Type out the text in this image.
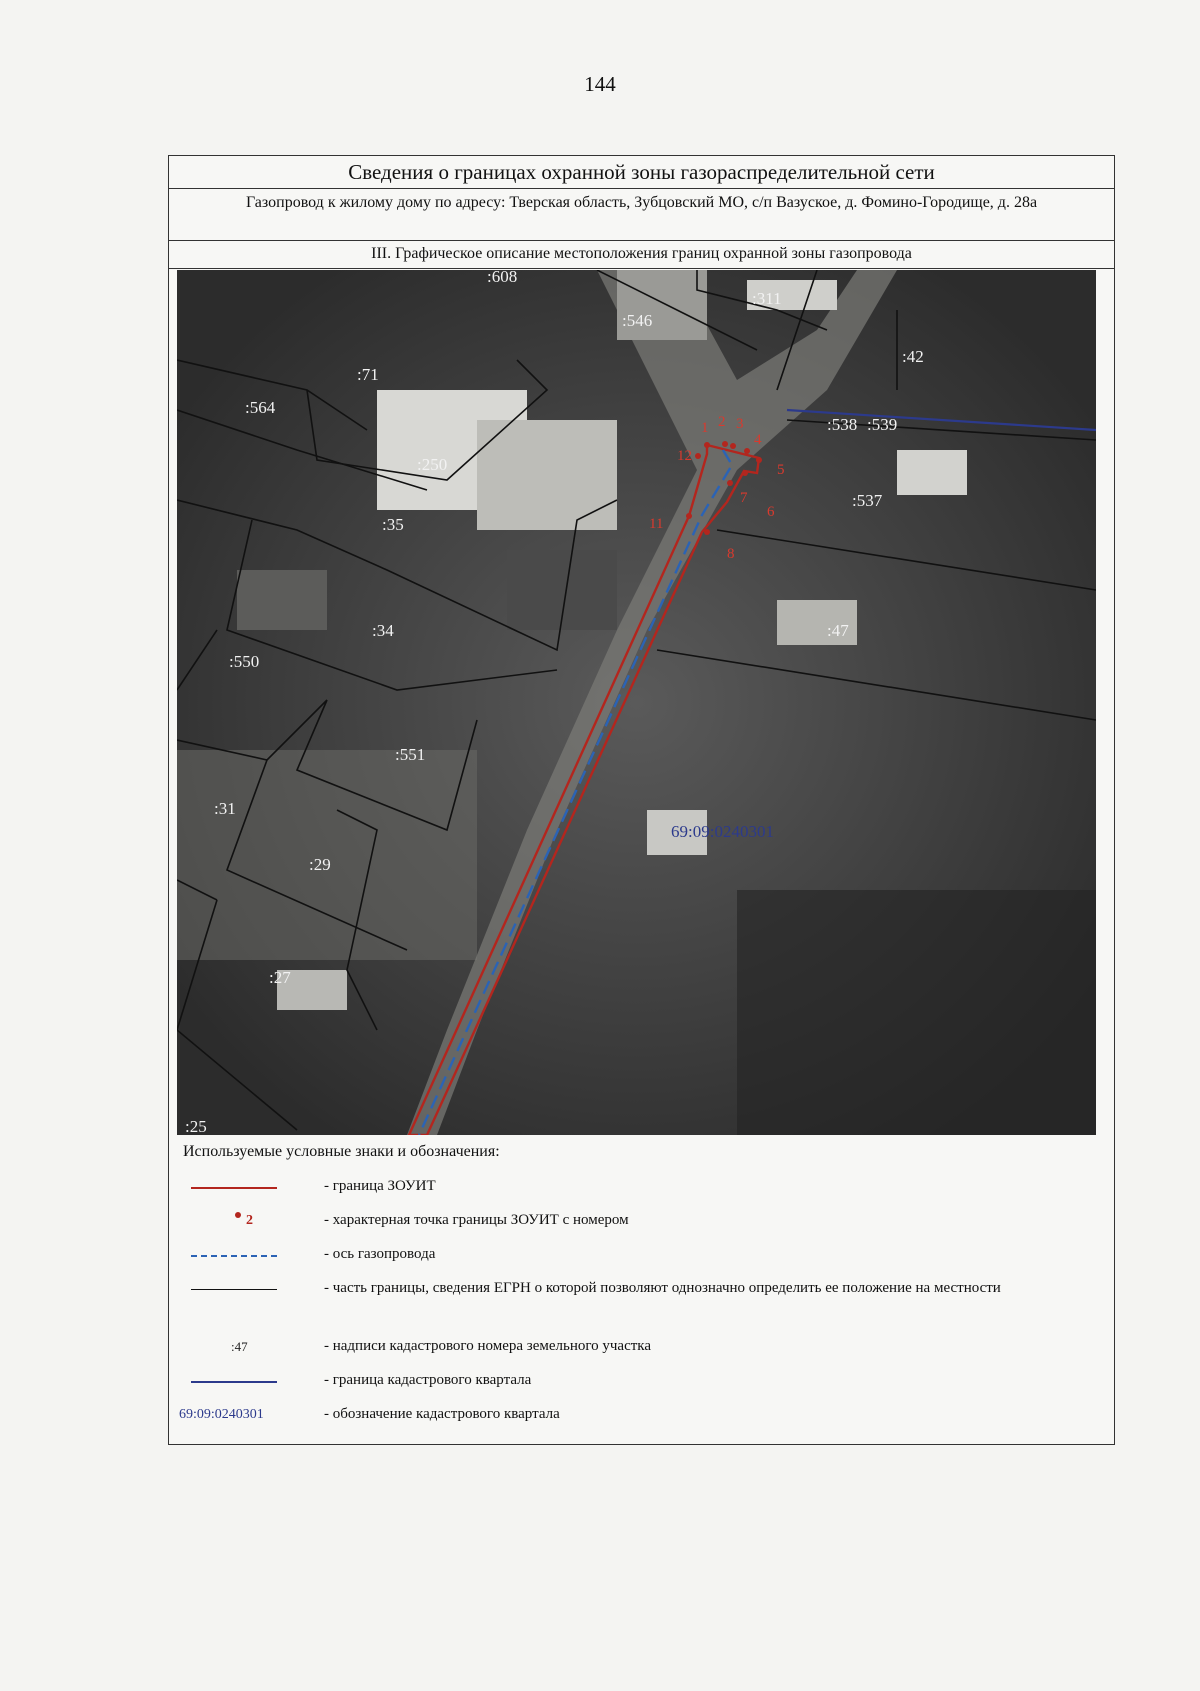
144
Сведения о границах охранной зоны газораспределительной сети
Газопровод к жилому дому по адресу: Тверская область, Зубцовский МО, с/п Вазуское, д. Фомино-Городище, д. 28а
III. Графическое описание местоположения границ охранной зоны газопровода
1 2 3
4
5
6
7
8
11
12
:608
:311
:546
:42
:71
:564
:538 :539
:250
:537
:35
:34	:47
:550
:551
:31
:29
:27
:25
69:09:0240301
Используемые условные знаки и обозначения:
- граница ЗОУИТ
2	- характерная точка границы ЗОУИТ с номером
- ось газопровода
- часть границы, сведения ЕГРН о которой позволяют однозначно определить ее положение на местности
:47	- надписи кадастрового номера земельного участка
- граница кадастрового квартала
69:09:0240301	- обозначение кадастрового квартала
